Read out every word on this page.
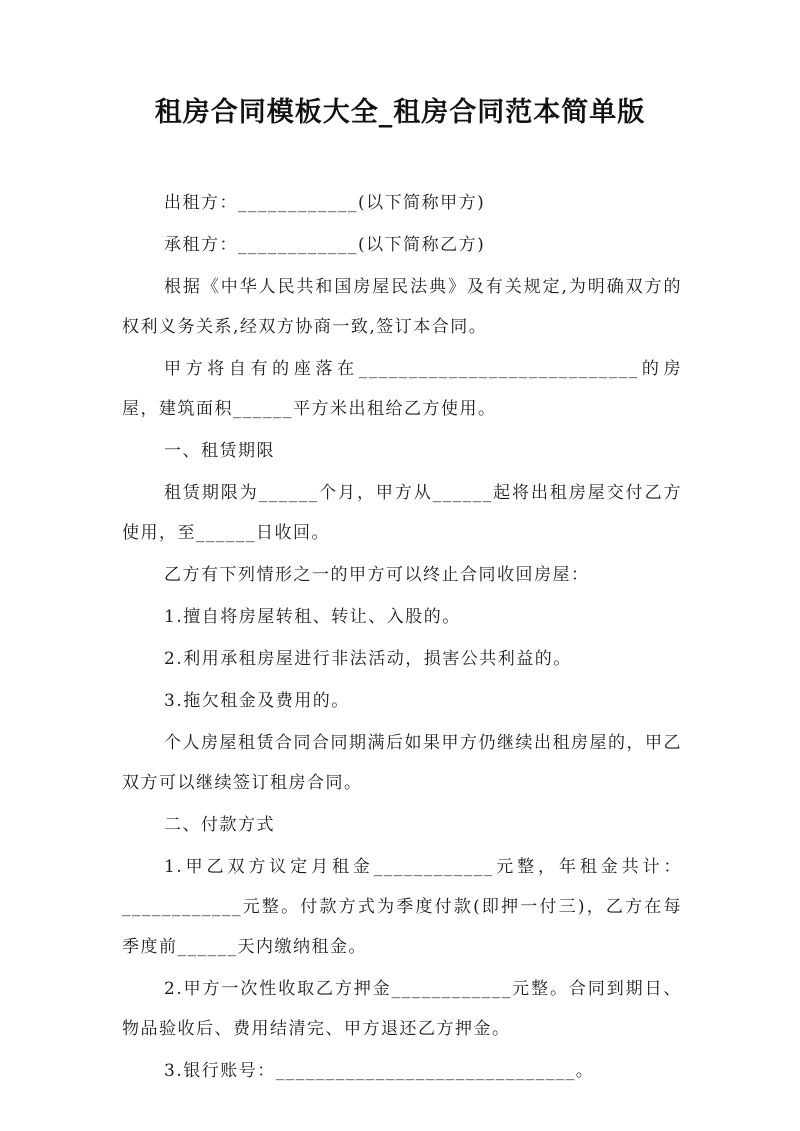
租房合同模板大全_租房合同范本简单版

出租方：____________(以下简称甲方)

承租方：____________(以下简称乙方)

根据《中华人民共和国房屋民法典》及有关规定,为明确双方的权利义务关系,经双方协商一致,签订本合同。

甲方将自有的座落在____________________________的房屋，建筑面积______平方米出租给乙方使用。

一、租赁期限

租赁期限为______个月，甲方从______起将出租房屋交付乙方使用，至______日收回。

乙方有下列情形之一的甲方可以终止合同收回房屋：

1.擅自将房屋转租、转让、入股的。

2.利用承租房屋进行非法活动，损害公共利益的。

3.拖欠租金及费用的。

个人房屋租赁合同合同期满后如果甲方仍继续出租房屋的，甲乙双方可以继续签订租房合同。

二、付款方式

1.甲乙双方议定月租金____________元整，年租金共计：____________元整。付款方式为季度付款(即押一付三)，乙方在每季度前______天内缴纳租金。

2.甲方一次性收取乙方押金____________元整。合同到期日、物品验收后、费用结清完、甲方退还乙方押金。

3.银行账号：______________________________。
